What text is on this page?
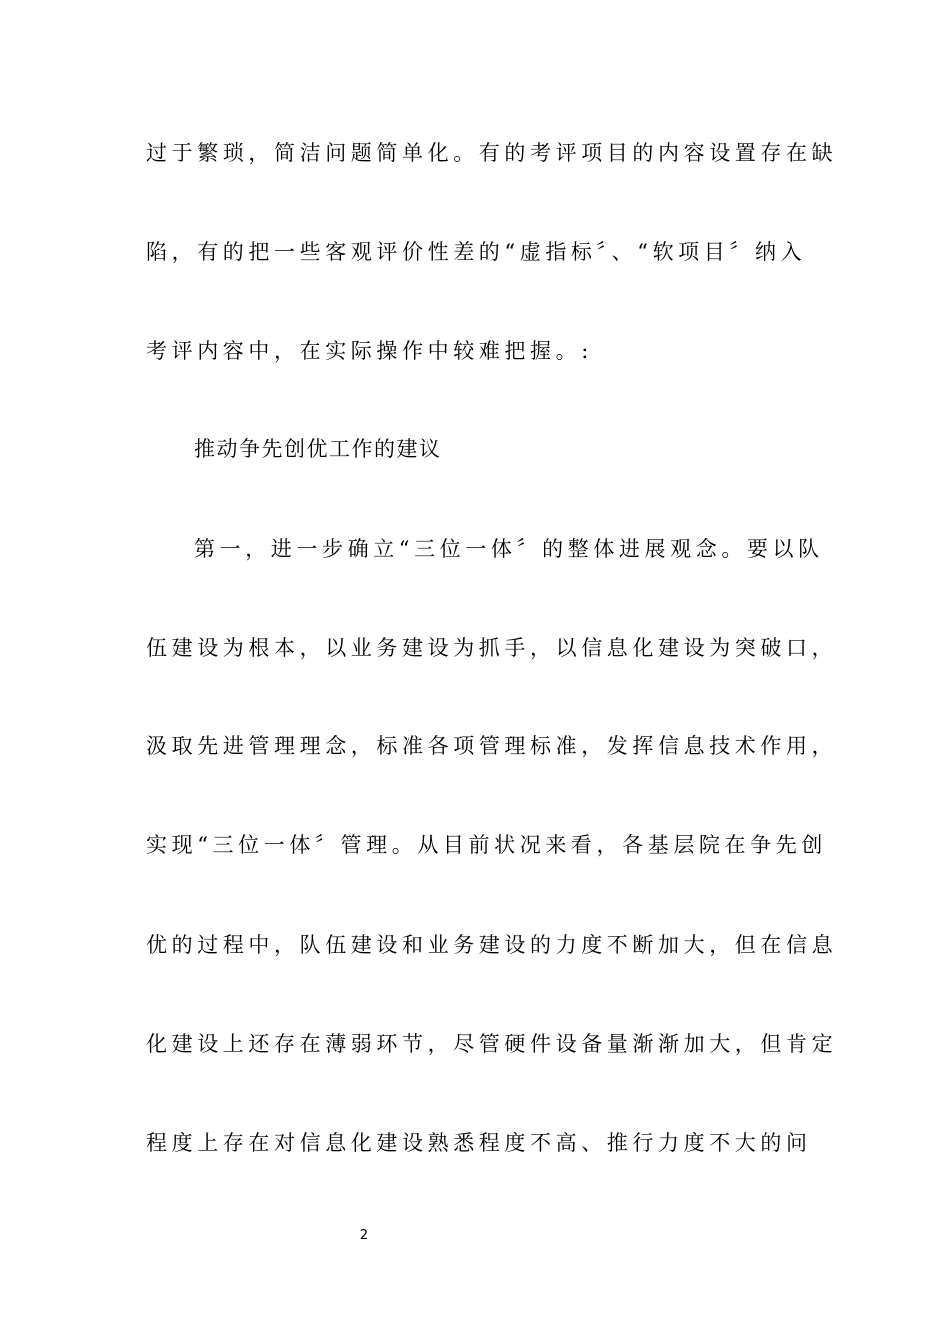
过于繁琐，简洁问题简单化。有的考评项目的内容设置存在缺
陷，有的把一些客观评价性差的“虚指标〞、“软项目〞纳入
考评内容中，在实际操作中较难把握。:
推动争先创优工作的建议
第一，进一步确立“三位一体〞的整体进展观念。要以队
伍建设为根本，以业务建设为抓手，以信息化建设为突破口，
汲取先进管理理念，标准各项管理标准，发挥信息技术作用，
实现“三位一体〞管理。从目前状况来看，各基层院在争先创
优的过程中，队伍建设和业务建设的力度不断加大，但在信息
化建设上还存在薄弱环节，尽管硬件设备量渐渐加大，但肯定
程度上存在对信息化建设熟悉程度不高、推行力度不大的问
2
